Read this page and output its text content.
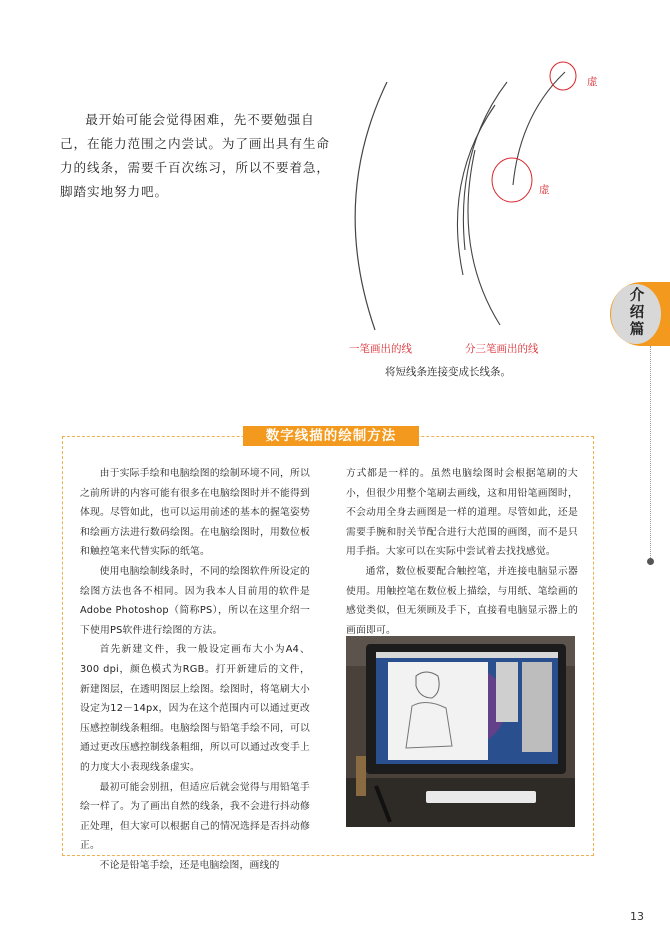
最开始可能会觉得困难，先不要勉强自己，在能力范围之内尝试。为了画出具有生命力的线条，需要千百次练习，所以不要着急，脚踏实地努力吧。

虚
虚
一笔画出的线	分三笔画出的线
将短线条连接变成长线条。
介绍篇
数字线描的绘制方法

由于实际手绘和电脑绘图的绘制环境不同，所以之前所讲的内容可能有很多在电脑绘图时并不能得到体现。尽管如此，也可以运用前述的基本的握笔姿势和绘画方法进行数码绘图。在电脑绘图时，用数位板和触控笔来代替实际的纸笔。

使用电脑绘制线条时，不同的绘图软件所设定的绘图方法也各不相同。因为我本人目前用的软件是Adobe Photoshop（简称PS），所以在这里介绍一下使用PS软件进行绘图的方法。

首先新建文件，我一般设定画布大小为A4、300 dpi，颜色模式为RGB。打开新建后的文件，新建图层，在透明图层上绘图。绘图时，将笔刷大小设定为12－14px，因为在这个范围内可以通过更改压感控制线条粗细。电脑绘图与铅笔手绘不同，可以通过更改压感控制线条粗细，所以可以通过改变手上的力度大小表现线条虚实。

最初可能会别扭，但适应后就会觉得与用铅笔手绘一样了。为了画出自然的线条，我不会进行抖动修正处理，但大家可以根据自己的情况选择是否抖动修正。

不论是铅笔手绘，还是电脑绘图，画线的

方式都是一样的。虽然电脑绘图时会根据笔刷的大小，但很少用整个笔刷去画线，这和用铅笔画图时，不会动用全身去画图是一样的道理。尽管如此，还是需要手腕和肘关节配合进行大范围的画图，而不是只用手指。大家可以在实际中尝试着去找找感觉。

通常，数位板要配合触控笔，并连接电脑显示器使用。用触控笔在数位板上描绘，与用纸、笔绘画的感觉类似，但无须顾及手下，直接看电脑显示器上的画面即可。

13
